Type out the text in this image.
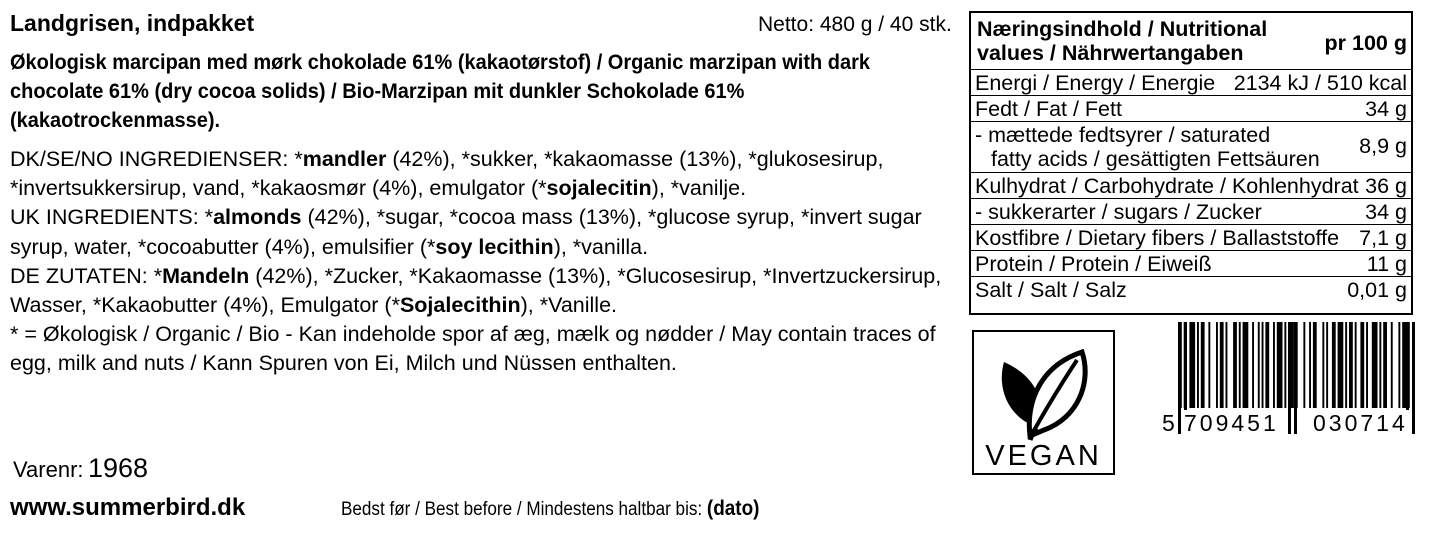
Landgrisen, indpakket	Netto: 480 g / 40 stk.
Økologisk marcipan med mørk chokolade 61% (kakaotørstof) / Organic marzipan with dark chocolate 61% (dry cocoa solids) / Bio-Marzipan mit dunkler Schokolade 61% (kakaotrockenmasse).

DK/SE/NO INGREDIENSER: *mandler (42%), *sukker, *kakaomasse (13%), *glukosesirup, *invertsukkersirup, vand, *kakaosmør (4%), emulgator (*sojalecitin), *vanilje.

UK INGREDIENTS: *almonds (42%), *sugar, *cocoa mass (13%), *glucose syrup, *invert sugar syrup, water, *cocoabutter (4%), emulsifier (*soy lecithin), *vanilla.

DE ZUTATEN: *Mandeln (42%), *Zucker, *Kakaomasse (13%), *Glucosesirup, *Invertzuckersirup, Wasser, *Kakaobutter (4%), Emulgator (*Sojalecithin), *Vanille.

* = Økologisk / Organic / Bio - Kan indeholde spor af æg, mælk og nødder / May contain traces of egg, milk and nuts / Kann Spuren von Ei, Milch und Nüssen enthalten.

Varenr: 1968
www.summerbird.dk	Bedst før / Best before / Mindestens haltbar bis: (dato)
Næringsindhold / Nutritional values / Nährwertangaben	pr 100 g
Energi / Energy / Energie 2134 kJ / 510 kcal
Fedt / Fat / Fett	34 g
- mættede fedtsyrer / saturated
fatty acids / gesättigten Fettsäuren
8,9 g
Kulhydrat / Carbohydrate / Kohlenhydrat 36 g
- sukkerarter / sugars / Zucker	34 g
Kostfibre / Dietary fibers / Ballaststoffe 7,1 g
Protein / Protein / Eiweiß	11 g
Salt / Salt / Salz	0,01 g
VEGAN
5 709451 030714
